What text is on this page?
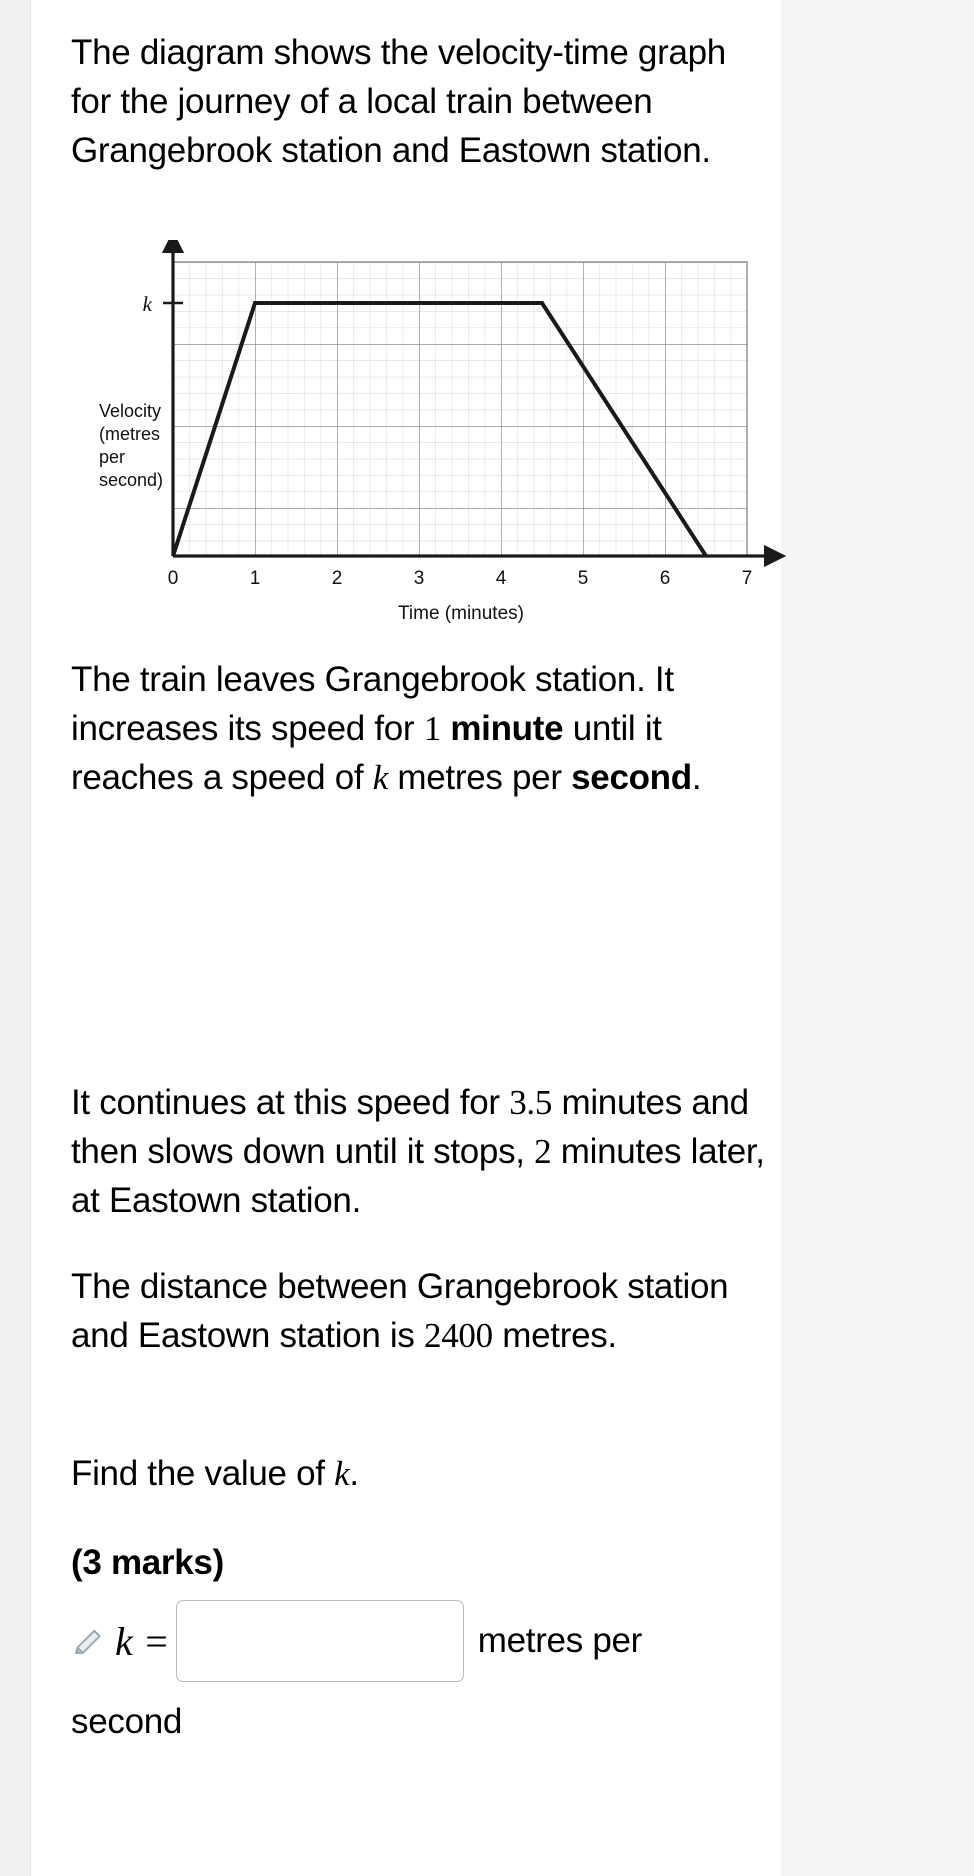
The diagram shows the velocity-time graph for the journey of a local train between Grangebrook station and Eastown station.
k
Velocity
(metres
per
second)
0	1	2	3	4	5	6	7
Time (minutes)
The train leaves Grangebrook station. It increases its speed for 1 minute until it reaches a speed of k metres per second.
It continues at this speed for 3.5 minutes and then slows down until it stops, 2 minutes later, at Eastown station.
The distance between Grangebrook station and Eastown station is 2400 metres.
Find the value of k.
(3 marks)
k =	metres per
second
